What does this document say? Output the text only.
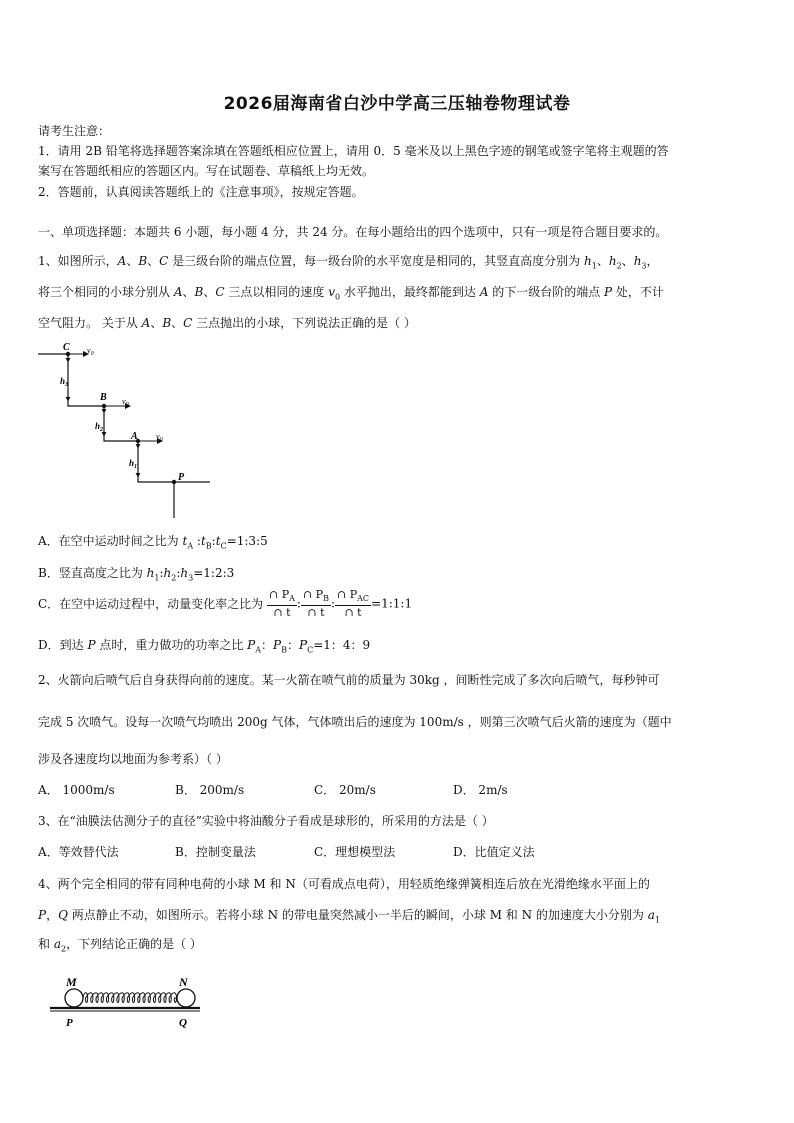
2026届海南省白沙中学高三压轴卷物理试卷
请考生注意：
1．请用 2B 铅笔将选择题答案涂填在答题纸相应位置上，请用 0．5 毫米及以上黑色字迹的钢笔或签字笔将主观题的答
案写在答题纸相应的答题区内。写在试题卷、草稿纸上均无效。
2．答题前，认真阅读答题纸上的《注意事项》，按规定答题。
一、单项选择题：本题共 6 小题，每小题 4 分，共 24 分。在每小题给出的四个选项中，只有一项是符合题目要求的。
1、如图所示，A、B、C 是三级台阶的端点位置，每一级台阶的水平宽度是相同的，其竖直高度分别为 $h_1$、$h_2$、$h_3$，
将三个相同的小球分别从 A、B、C 三点以相同的速度 $v_0$ 水平抛出，最终都能到达 A 的下一级台阶的端点 P 处，不计
空气阻力。 关于从 A、B、C 三点抛出的小球，下列说法正确的是（ ）
C $v_0$
B $v_0$
A $v_0$
P
$h_3$
$h_2$
$h_1$
A．在空中运动时间之比为 $t_A$ $:t_B:t_C=1:3:5$
B．竖直高度之比为 $h_1:h_2:h_3=1:2:3$
C．在空中运动过程中，动量变化率之比为 $\frac{\cap P_A}{\cap t}$ : $\frac{\cap P_B}{\cap t}$ :
∩ $P_{AC}$
∩ t
=1:1:1
D．到达 P 点时，重力做功的功率之比 $P_A$：$P_B$：$P_C=1$：4：9
2、火箭向后喷气后自身获得向前的速度。某一火箭在喷气前的质量为 30kg ，间断性完成了多次向后喷气，每秒钟可
完成 5 次喷气。设每一次喷气均喷出 200g 气体，气体喷出后的速度为 100m/s ，则第三次喷气后火箭的速度为（题中
涉及各速度均以地面为参考系）（ ）
A． 1000m/s	B． 200m/s	C． 20m/s	D． 2m/s
3、在“油膜法估测分子的直径”实验中将油酸分子看成是球形的，所采用的方法是（ ）
A．等效替代法	B．控制变量法	C．理想模型法	D．比值定义法
4、两个完全相同的带有同种电荷的小球 M 和 N（可看成点电荷），用轻质绝缘弹簧相连后放在光滑绝缘水平面上的
P，Q 两点静止不动，如图所示。若将小球 N 的带电量突然减小一半后的瞬间，小球 M 和 N 的加速度大小分别为 $a_1$
和 $a_2$，下列结论正确的是（ ）
M	N
P	Q
